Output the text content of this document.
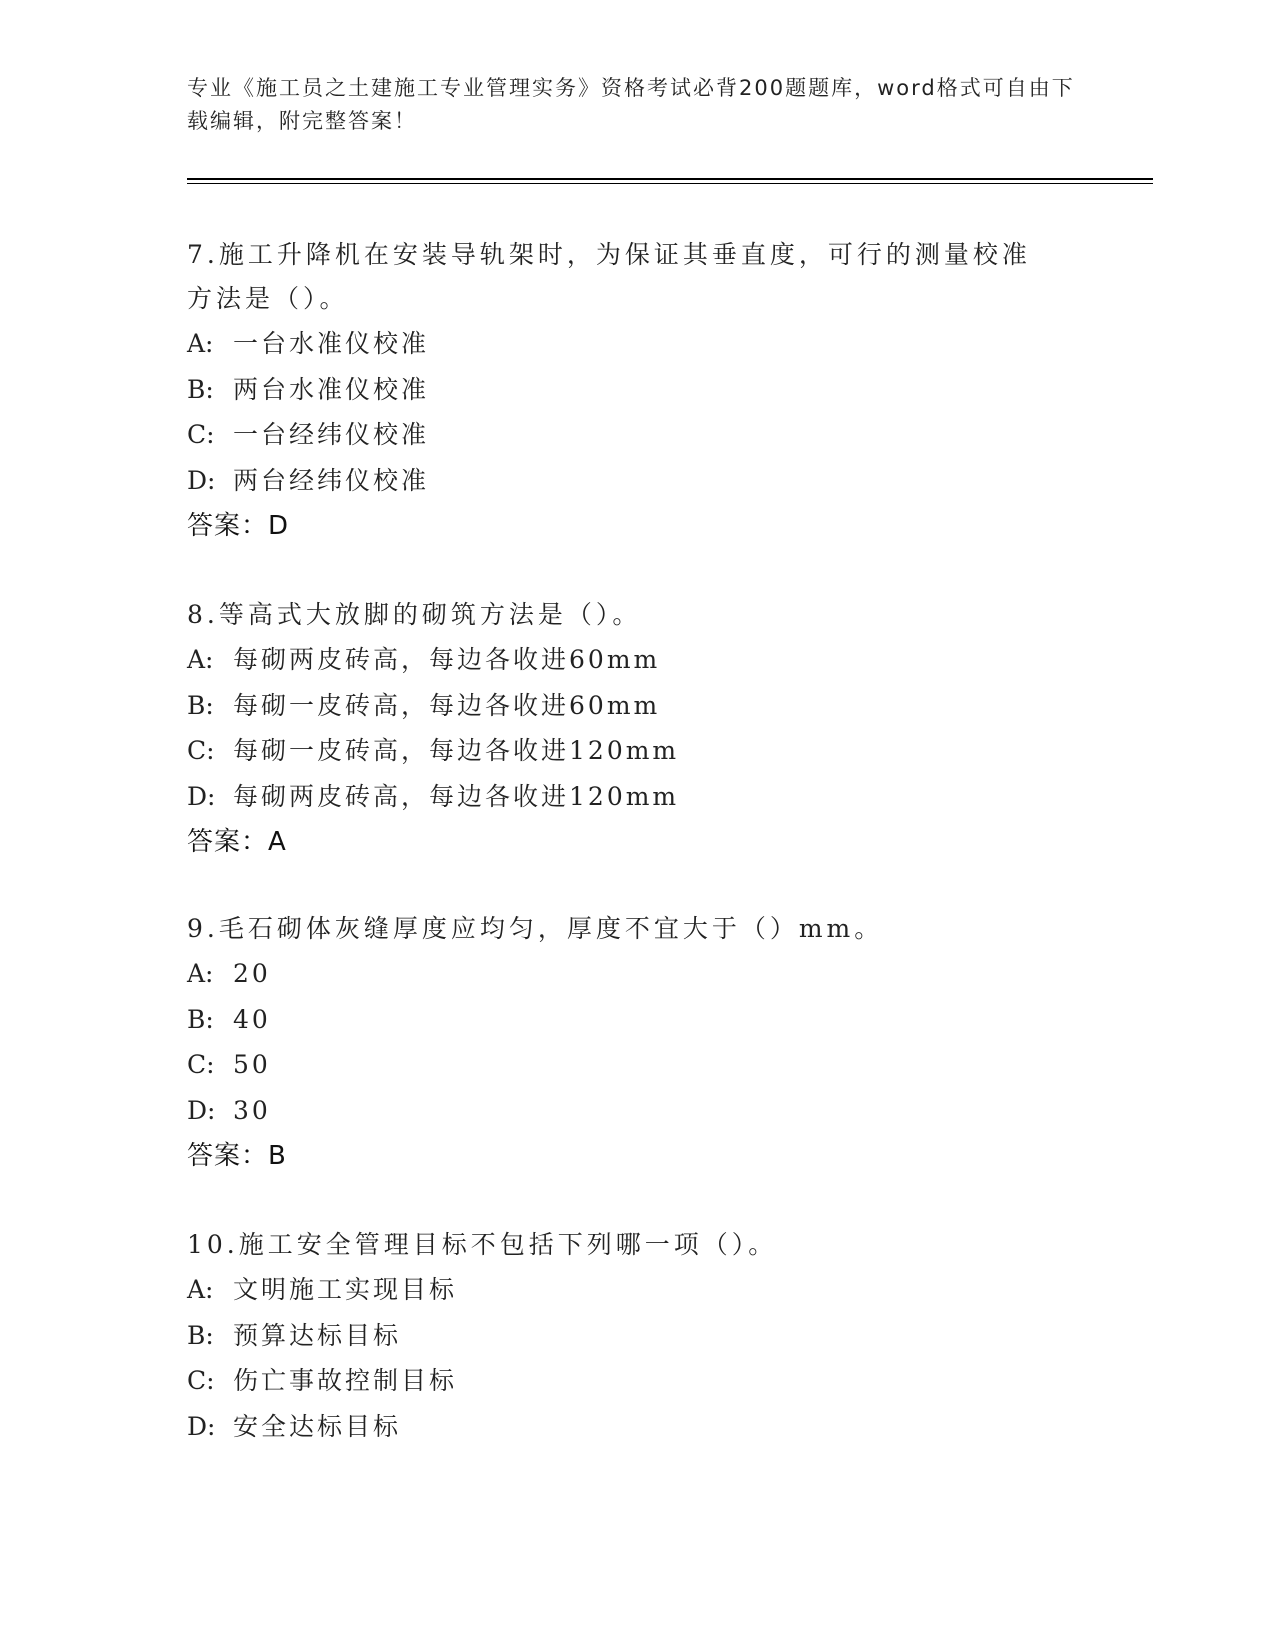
专业《施工员之土建施工专业管理实务》资格考试必背200题题库，word格式可自由下载编辑，附完整答案！

7.施工升降机在安装导轨架时，为保证其垂直度，可行的测量校准方法是（）。

A: 一台水准仪校准
B: 两台水准仪校准
C: 一台经纬仪校准
D: 两台经纬仪校准

答案：D

8.等高式大放脚的砌筑方法是（）。

A: 每砌两皮砖高，每边各收进60mm
B: 每砌一皮砖高，每边各收进60mm
C: 每砌一皮砖高，每边各收进120mm
D: 每砌两皮砖高，每边各收进120mm

答案：A

9.毛石砌体灰缝厚度应均匀，厚度不宜大于（）mm。

A: 20
B: 40
C: 50
D: 30

答案：B

10.施工安全管理目标不包括下列哪一项（）。

A: 文明施工实现目标
B: 预算达标目标
C: 伤亡事故控制目标
D: 安全达标目标
